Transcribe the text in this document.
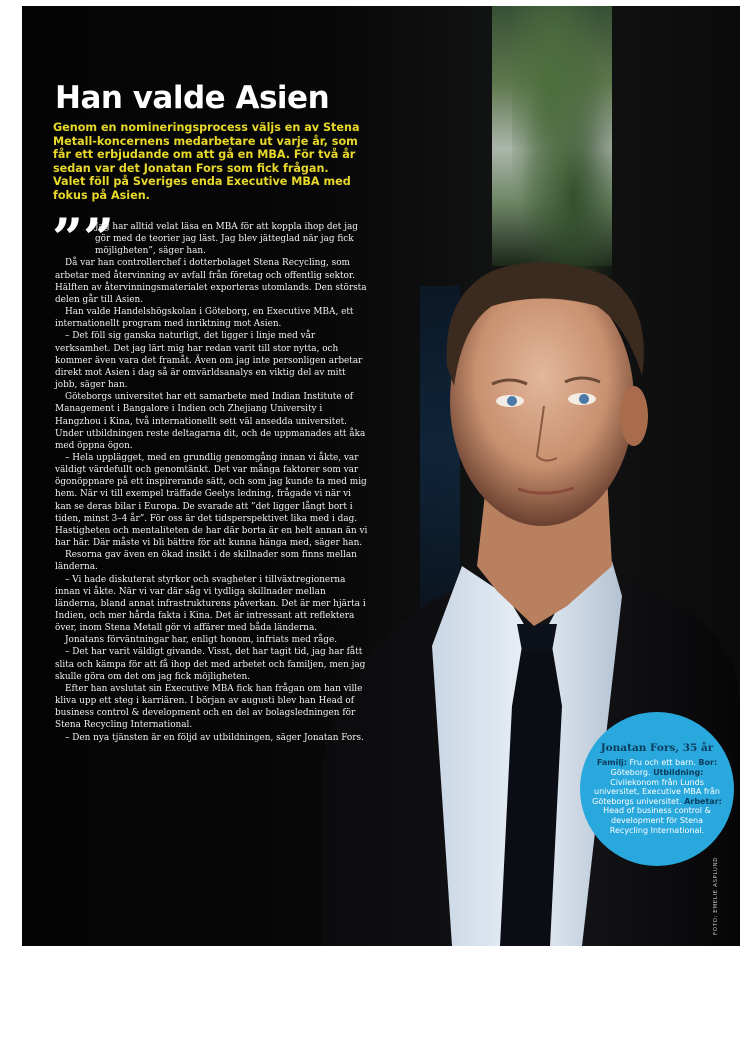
Han valde Asien

Genom en nomineringsprocess väljs en av Stena Metall-koncernens medarbetare ut varje år, som får ett erbjudande om att gå en MBA. För två år sedan var det Jonatan Fors som fick frågan. Valet föll på Sveriges enda Executive MBA med fokus på Asien.

””

Jag har alltid velat läsa en MBA för att koppla ihop det jag gör med de teorier jag läst. Jag blev jätteglad när jag fick möjligheten”, säger han.

Då var han controllerchef i dotterbolaget Stena Recycling, som arbetar med återvinning av avfall från företag och offentlig sektor. Hälften av återvinningsmaterialet exporteras utomlands. Den största delen går till Asien.

Han valde Handelshögskolan i Göteborg, en Executive MBA, ett internationellt program med inriktning mot Asien.

– Det föll sig ganska naturligt, det ligger i linje med vår verksamhet. Det jag lärt mig har redan varit till stor nytta, och kommer även vara det framåt. Även om jag inte personligen arbetar direkt mot Asien i dag så är omvärldsanalys en viktig del av mitt jobb, säger han.

Göteborgs universitet har ett samarbete med Indian Institute of Management i Bangalore i Indien och Zhejiang University i Hangzhou i Kina, två internationellt sett väl ansedda universitet. Under utbildningen reste deltagarna dit, och de uppmanades att åka med öppna ögon.

– Hela upplägget, med en grundlig genomgång innan vi åkte, var väldigt värdefullt och genomtänkt. Det var många faktorer som var ögonöppnare på ett inspirerande sätt, och som jag kunde ta med mig hem. När vi till exempel träffade Geelys ledning, frågade vi när vi kan se deras bilar i Europa. De svarade att ”det ligger långt bort i tiden, minst 3–4 år”. För oss är det tidsperspektivet lika med i dag. Hastigheten och mentaliteten de har där borta är en helt annan än vi har här. Där måste vi bli bättre för att kunna hänga med, säger han.

Resorna gav även en ökad insikt i de skillnader som finns mellan länderna.

– Vi hade diskuterat styrkor och svagheter i tillväxtregionerna innan vi åkte. När vi var där såg vi tydliga skillnader mellan länderna, bland annat infrastrukturens påverkan. Det är mer hjärta i Indien, och mer hårda fakta i Kina. Det är intressant att reflektera över, inom Stena Metall gör vi affärer med båda länderna.

Jonatans förväntningar har, enligt honom, infriats med råge.

– Det har varit väldigt givande. Visst, det har tagit tid, jag har fått slita och kämpa för att få ihop det med arbetet och familjen, men jag skulle göra om det om jag fick möjligheten.

Efter han avslutat sin Executive MBA fick han frågan om han ville kliva upp ett steg i karriären. I början av augusti blev han Head of business control & development och en del av bolagsledningen för Stena Recycling International.

– Den nya tjänsten är en följd av utbildningen, säger Jonatan Fors.

Jonatan Fors, 35 år
Familj: Fru och ett barn. Bor: Göteborg. Utbildning: Civilekonom från Lunds universitet, Executive MBA från Göteborgs universitet. Arbetar: Head of business control & development för Stena Recycling International.
FOTO: EMELIE ASPLUND
